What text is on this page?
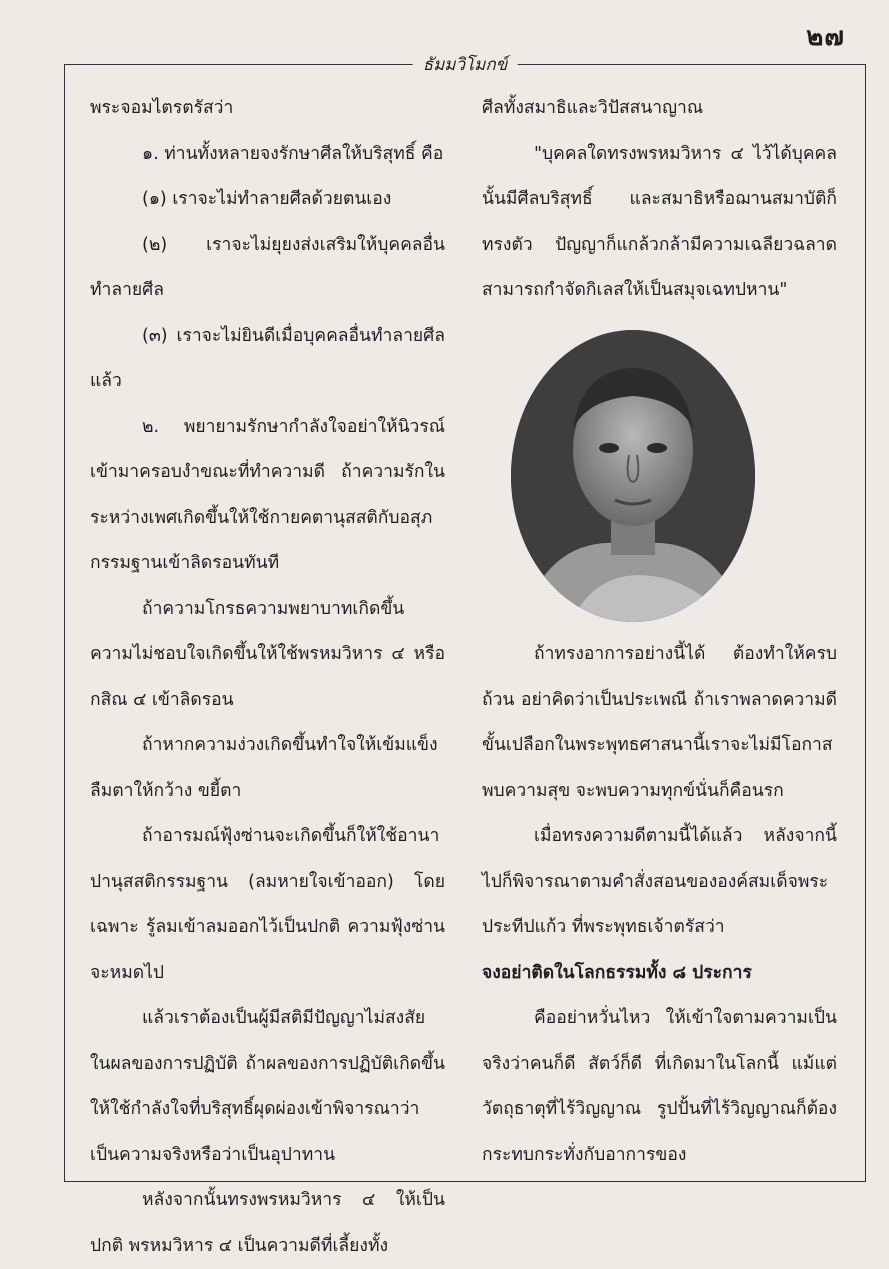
๒๗
ธัมมวิโมกข์

พระจอมไตรตรัสว่า

๑. ท่านทั้งหลายจงรักษาศีลให้บริสุทธิ์ คือ

(๑) เราจะไม่ทำลายศีลด้วยตนเอง

(๒) เราจะไม่ยุยงส่งเสริมให้บุคคลอื่นทำลายศีล

(๓) เราจะไม่ยินดีเมื่อบุคคลอื่นทำลายศีลแล้ว

๒. พยายามรักษากำลังใจอย่าให้นิวรณ์เข้ามาครอบงำขณะที่ทำความดี ถ้าความรักในระหว่างเพศเกิดขึ้นให้ใช้กายคตานุสสติกับอสุภกรรมฐานเข้าลิดรอนทันที

ถ้าความโกรธความพยาบาทเกิดขึ้นความไม่ชอบใจเกิดขึ้นให้ใช้พรหมวิหาร ๔ หรือกสิณ ๔ เข้าลิดรอน

ถ้าหากความง่วงเกิดขึ้นทำใจให้เข้มแข็งลืมตาให้กว้าง ขยี้ตา

ถ้าอารมณ์ฟุ้งซ่านจะเกิดขึ้นก็ให้ใช้อานาปานุสสติกรรมฐาน (ลมหายใจเข้าออก) โดยเฉพาะ รู้ลมเข้าลมออกไว้เป็นปกติ ความฟุ้งซ่านจะหมดไป

แล้วเราต้องเป็นผู้มีสติมีปัญญาไม่สงสัยในผลของการปฏิบัติ ถ้าผลของการปฏิบัติเกิดขึ้นให้ใช้กำลังใจที่บริสุทธิ์ผุดผ่องเข้าพิจารณาว่าเป็นความจริงหรือว่าเป็นอุปาทาน

หลังจากนั้นทรงพรหมวิหาร ๔ ให้เป็นปกติ พรหมวิหาร ๔ เป็นความดีที่เลี้ยงทั้ง

ศีลทั้งสมาธิและวิปัสสนาญาณ

"บุคคลใดทรงพรหมวิหาร ๔ ไว้ได้บุคคลนั้นมีศีลบริสุทธิ์ และสมาธิหรือฌานสมาบัติก็ทรงตัว ปัญญาก็แกล้วกล้ามีความเฉลียวฉลาด สามารถกำจัดกิเลสให้เป็นสมุจเฉทปหาน"

ถ้าทรงอาการอย่างนี้ได้ ต้องทำให้ครบถ้วน อย่าคิดว่าเป็นประเพณี ถ้าเราพลาดความดีขั้นเปลือกในพระพุทธศาสนานี้เราจะไม่มีโอกาสพบความสุข จะพบความทุกข์นั่นก็คือนรก

เมื่อทรงความดีตามนี้ได้แล้ว หลังจากนี้ไปก็พิจารณาตามคำสั่งสอนขององค์สมเด็จพระประทีปแก้ว ที่พระพุทธเจ้าตรัสว่า

จงอย่าติดในโลกธรรมทั้ง ๘ ประการ

คืออย่าหวั่นไหว ให้เข้าใจตามความเป็นจริงว่าคนก็ดี สัตว์ก็ดี ที่เกิดมาในโลกนี้ แม้แต่วัตถุธาตุที่ไร้วิญญาณ รูปปั้นที่ไร้วิญญาณก็ต้องกระทบกระทั่งกับอาการของ
